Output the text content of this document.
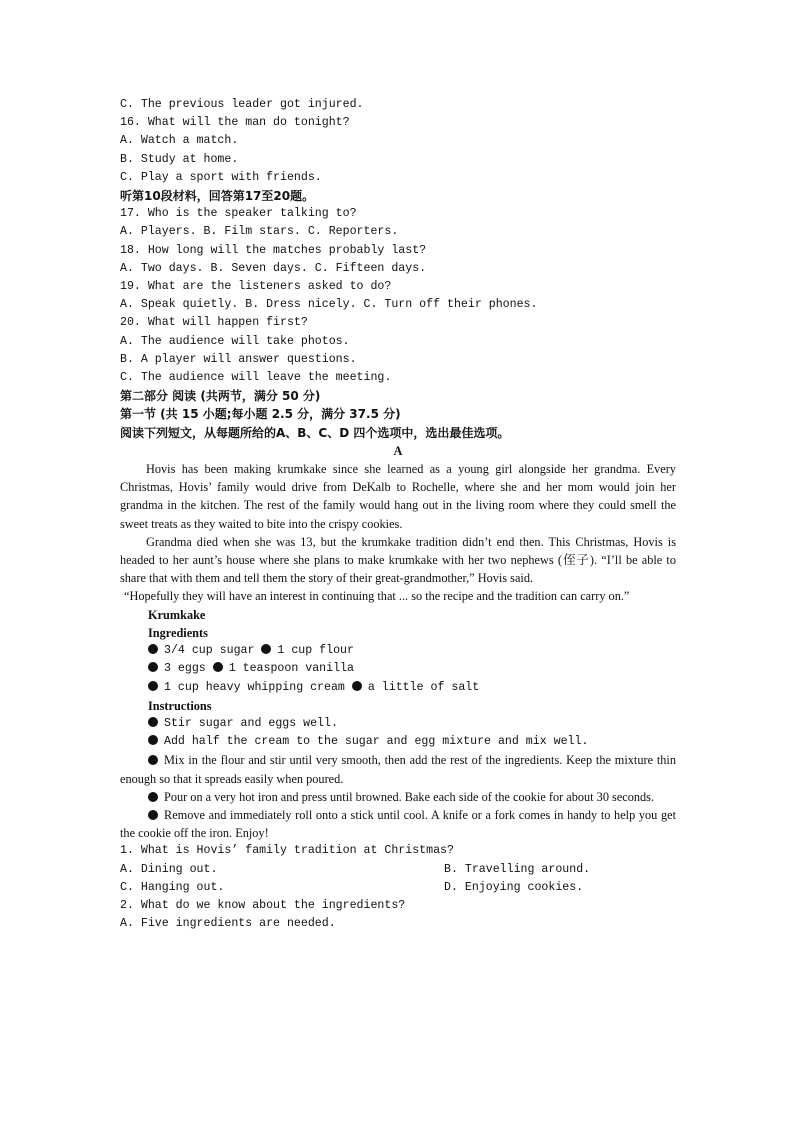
C. The previous leader got injured.

16. What will the man do tonight?

A. Watch a match.

B. Study at home.

C. Play a sport with friends.

听第10段材料，回答第17至20题。

17. Who is the speaker talking to?

A. Players. B. Film stars. C. Reporters.

18. How long will the matches probably last?

A. Two days. B. Seven days. C. Fifteen days.

19. What are the listeners asked to do?

A. Speak quietly. B. Dress nicely. C. Turn off their phones.

20. What will happen first?

A. The audience will take photos.

B. A player will answer questions.

C. The audience will leave the meeting.

第二部分 阅读 (共两节，满分 50 分)

第一节 (共 15 小题;每小题 2.5 分，满分 37.5 分)

阅读下列短文，从每题所给的A、B、C、D 四个选项中，选出最佳选项。

A

Hovis has been making krumkake since she learned as a young girl alongside her grandma. Every Christmas, Hovis’ family would drive from DeKalb to Rochelle, where she and her mom would join her grandma in the kitchen. The rest of the family would hang out in the living room where they could smell the sweet treats as they waited to bite into the crispy cookies.

Grandma died when she was 13, but the krumkake tradition didn’t end then. This Christmas, Hovis is headed to her aunt’s house where she plans to make krumkake with her two nephews (侄子). “I’ll be able to share that with them and tell them the story of their great-grandmother,” Hovis said.

“Hopefully they will have an interest in continuing that ... so the recipe and the tradition can carry on.”

Krumkake

Ingredients

3/4 cup sugar 1 cup flour

3 eggs 1 teaspoon vanilla

1 cup heavy whipping cream a little of salt

Instructions

Stir sugar and eggs well.

Add half the cream to the sugar and egg mixture and mix well.

Mix in the flour and stir until very smooth, then add the rest of the ingredients. Keep the mixture thin enough so that it spreads easily when poured.

Pour on a very hot iron and press until browned. Bake each side of the cookie for about 30 seconds.

Remove and immediately roll onto a stick until cool. A knife or a fork comes in handy to help you get the cookie off the iron. Enjoy!

1. What is Hovis’ family tradition at Christmas?

A. Dining out.	B. Travelling around.
C. Hanging out.	D. Enjoying cookies.

2. What do we know about the ingredients?

A. Five ingredients are needed.
